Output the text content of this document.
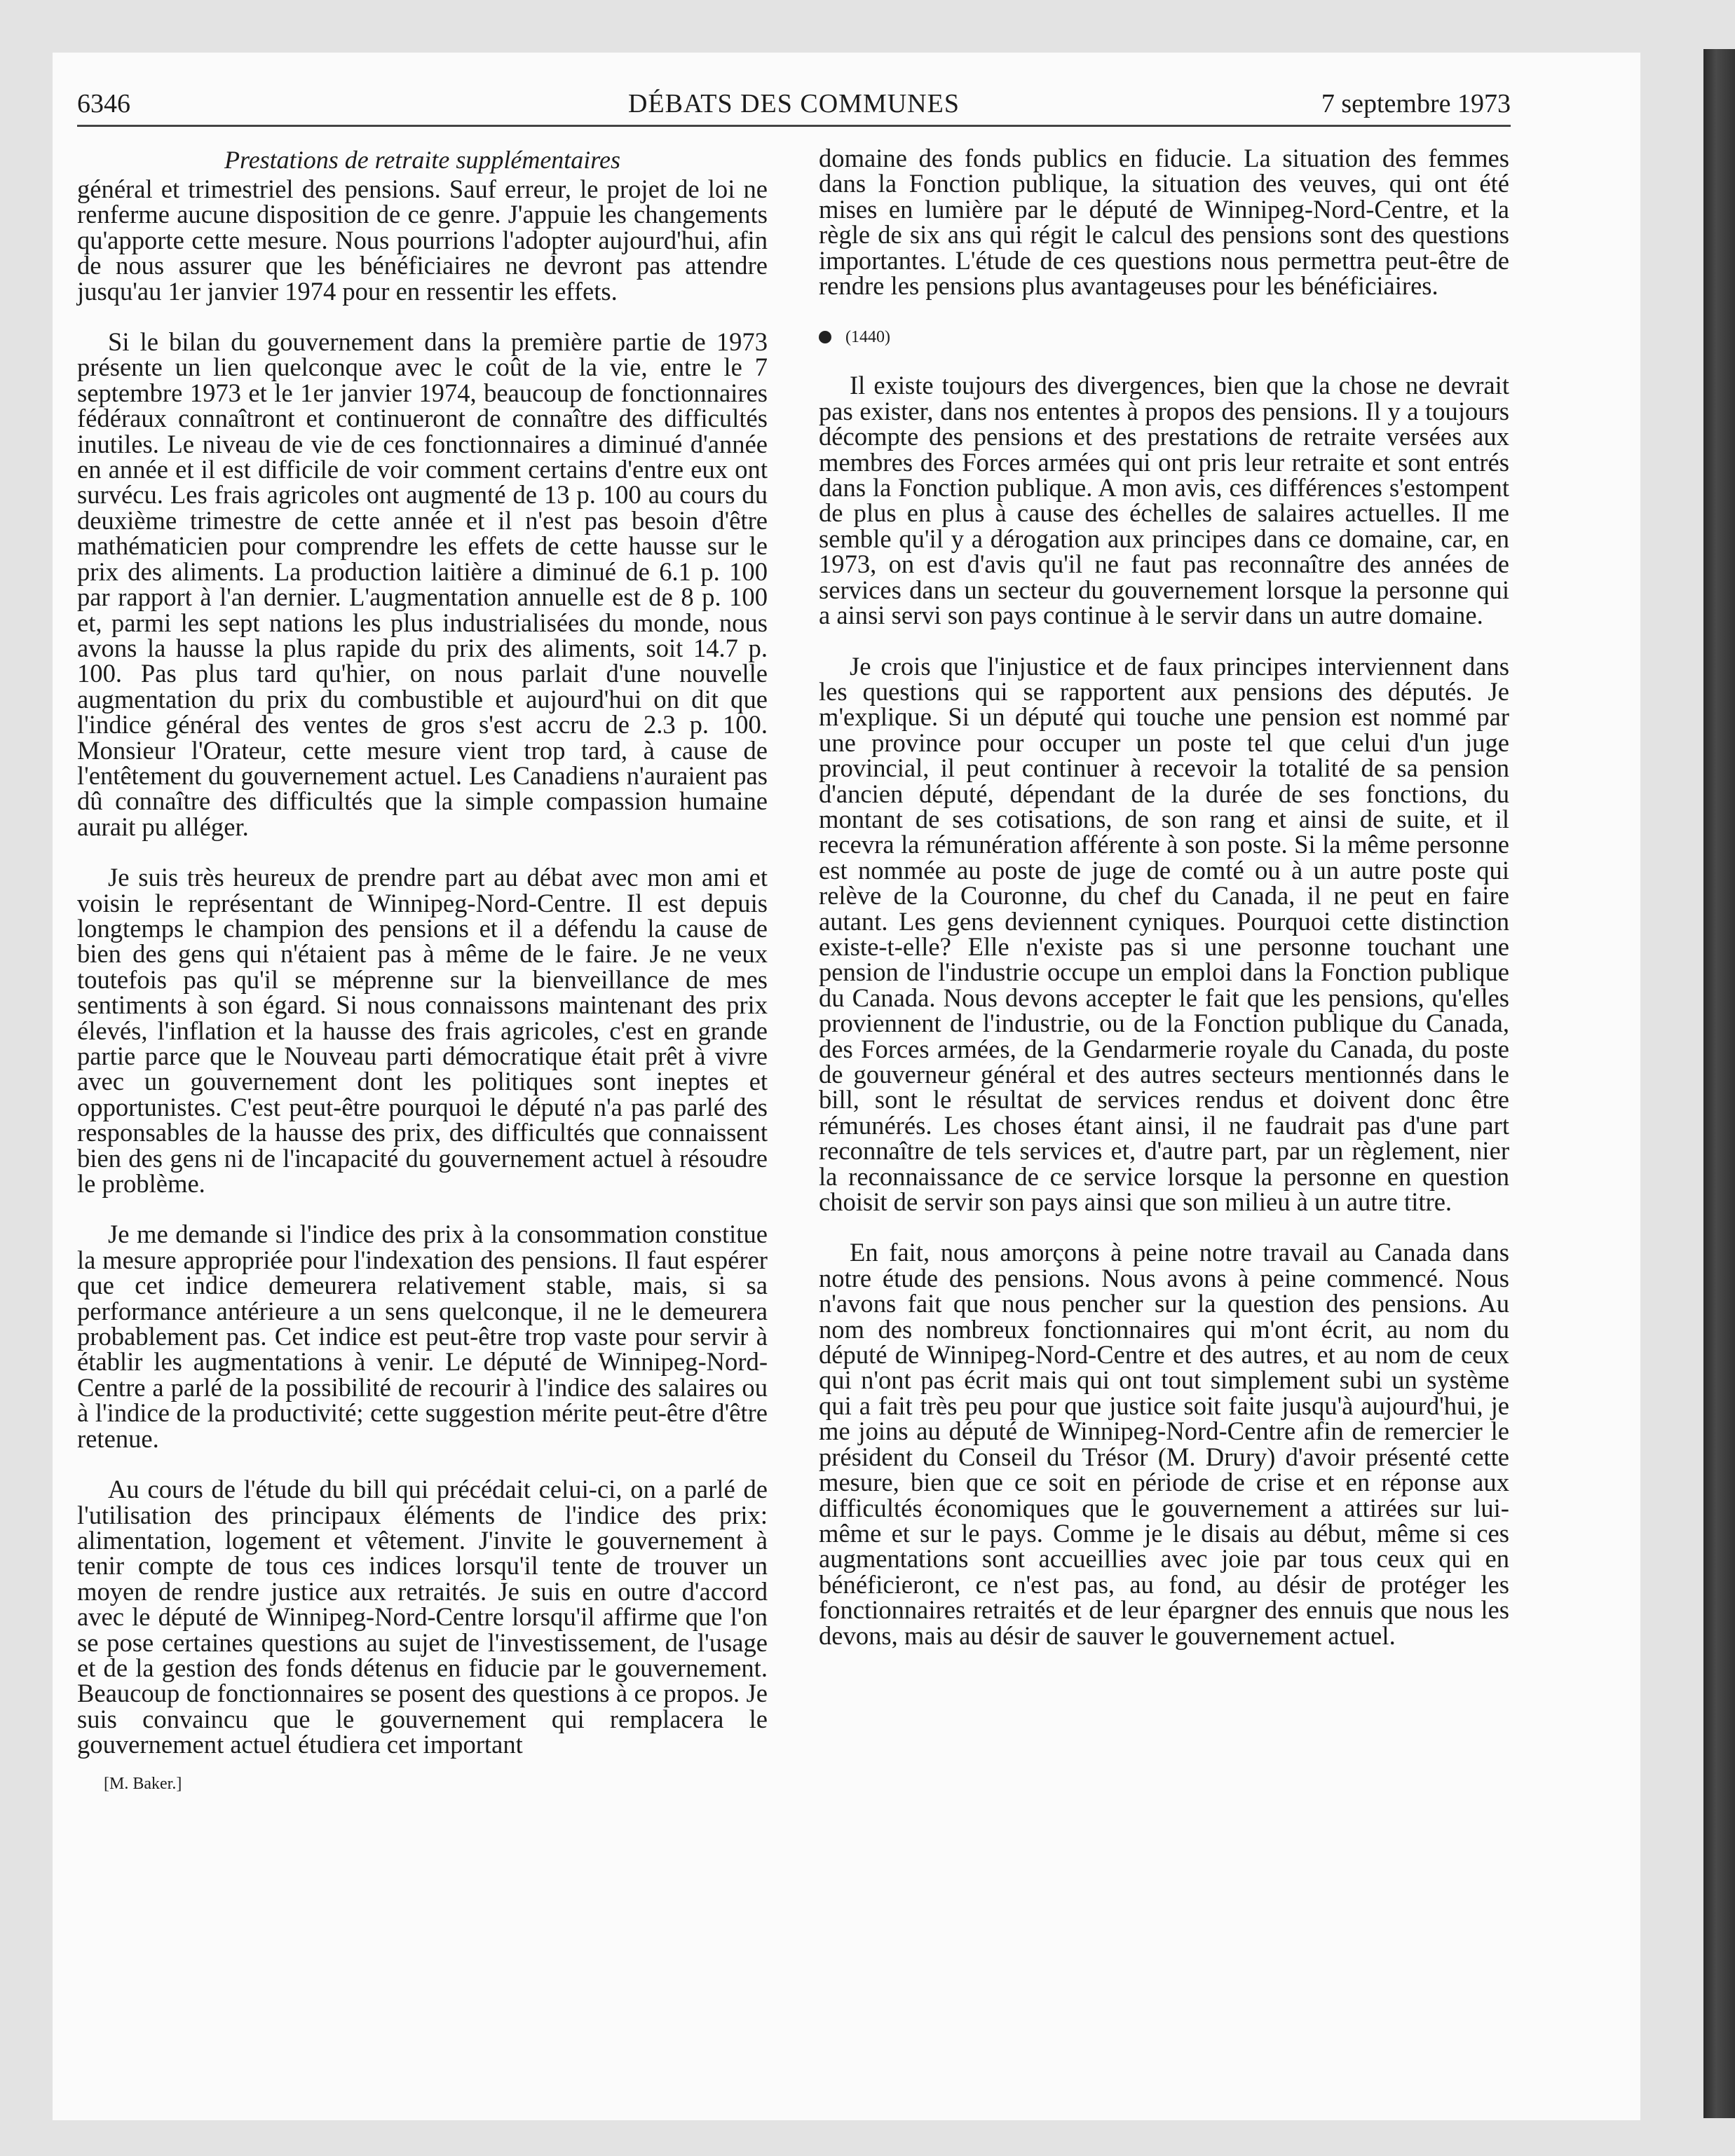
6346	DÉBATS DES COMMUNES	7 septembre 1973
Prestations de retraite supplémentaires

général et trimestriel des pensions. Sauf erreur, le projet de loi ne renferme aucune disposition de ce genre. J'appuie les changements qu'apporte cette mesure. Nous pourrions l'adopter aujourd'hui, afin de nous assurer que les bénéficiaires ne devront pas attendre jusqu'au 1er janvier 1974 pour en ressentir les effets.

Si le bilan du gouvernement dans la première partie de 1973 présente un lien quelconque avec le coût de la vie, entre le 7 septembre 1973 et le 1er janvier 1974, beaucoup de fonctionnaires fédéraux connaîtront et continueront de connaître des difficultés inutiles. Le niveau de vie de ces fonctionnaires a diminué d'année en année et il est difficile de voir comment certains d'entre eux ont survécu. Les frais agricoles ont augmenté de 13 p. 100 au cours du deuxième trimestre de cette année et il n'est pas besoin d'être mathématicien pour comprendre les effets de cette hausse sur le prix des aliments. La production laitière a diminué de 6.1 p. 100 par rapport à l'an dernier. L'augmentation annuelle est de 8 p. 100 et, parmi les sept nations les plus industrialisées du monde, nous avons la hausse la plus rapide du prix des aliments, soit 14.7 p. 100. Pas plus tard qu'hier, on nous parlait d'une nouvelle augmentation du prix du combustible et aujourd'hui on dit que l'indice général des ventes de gros s'est accru de 2.3 p. 100. Monsieur l'Orateur, cette mesure vient trop tard, à cause de l'entêtement du gouvernement actuel. Les Canadiens n'auraient pas dû connaître des difficultés que la simple compassion humaine aurait pu alléger.

Je suis très heureux de prendre part au débat avec mon ami et voisin le représentant de Winnipeg-Nord-Centre. Il est depuis longtemps le champion des pensions et il a défendu la cause de bien des gens qui n'étaient pas à même de le faire. Je ne veux toutefois pas qu'il se méprenne sur la bienveillance de mes sentiments à son égard. Si nous connaissons maintenant des prix élevés, l'inflation et la hausse des frais agricoles, c'est en grande partie parce que le Nouveau parti démocratique était prêt à vivre avec un gouvernement dont les politiques sont ineptes et opportunistes. C'est peut-être pourquoi le député n'a pas parlé des responsables de la hausse des prix, des difficultés que connaissent bien des gens ni de l'incapacité du gouvernement actuel à résoudre le problème.

Je me demande si l'indice des prix à la consommation constitue la mesure appropriée pour l'indexation des pensions. Il faut espérer que cet indice demeurera relativement stable, mais, si sa performance antérieure a un sens quelconque, il ne le demeurera probablement pas. Cet indice est peut-être trop vaste pour servir à établir les augmentations à venir. Le député de Winnipeg-Nord-Centre a parlé de la possibilité de recourir à l'indice des salaires ou à l'indice de la productivité; cette suggestion mérite peut-être d'être retenue.

Au cours de l'étude du bill qui précédait celui-ci, on a parlé de l'utilisation des principaux éléments de l'indice des prix: alimentation, logement et vêtement. J'invite le gouvernement à tenir compte de tous ces indices lorsqu'il tente de trouver un moyen de rendre justice aux retraités. Je suis en outre d'accord avec le député de Winnipeg-Nord-Centre lorsqu'il affirme que l'on se pose certaines questions au sujet de l'investissement, de l'usage et de la gestion des fonds détenus en fiducie par le gouvernement. Beaucoup de fonctionnaires se posent des questions à ce propos. Je suis convaincu que le gouvernement qui remplacera le gouvernement actuel étudiera cet important

[M. Baker.]

domaine des fonds publics en fiducie. La situation des femmes dans la Fonction publique, la situation des veuves, qui ont été mises en lumière par le député de Winnipeg-Nord-Centre, et la règle de six ans qui régit le calcul des pensions sont des questions importantes. L'étude de ces questions nous permettra peut-être de rendre les pensions plus avantageuses pour les bénéficiaires.

(1440)

Il existe toujours des divergences, bien que la chose ne devrait pas exister, dans nos ententes à propos des pensions. Il y a toujours décompte des pensions et des prestations de retraite versées aux membres des Forces armées qui ont pris leur retraite et sont entrés dans la Fonction publique. A mon avis, ces différences s'estompent de plus en plus à cause des échelles de salaires actuelles. Il me semble qu'il y a dérogation aux principes dans ce domaine, car, en 1973, on est d'avis qu'il ne faut pas reconnaître des années de services dans un secteur du gouvernement lorsque la personne qui a ainsi servi son pays continue à le servir dans un autre domaine.

Je crois que l'injustice et de faux principes interviennent dans les questions qui se rapportent aux pensions des députés. Je m'explique. Si un député qui touche une pension est nommé par une province pour occuper un poste tel que celui d'un juge provincial, il peut continuer à recevoir la totalité de sa pension d'ancien député, dépendant de la durée de ses fonctions, du montant de ses cotisations, de son rang et ainsi de suite, et il recevra la rémunération afférente à son poste. Si la même personne est nommée au poste de juge de comté ou à un autre poste qui relève de la Couronne, du chef du Canada, il ne peut en faire autant. Les gens deviennent cyniques. Pourquoi cette distinction existe-t-elle? Elle n'existe pas si une personne touchant une pension de l'industrie occupe un emploi dans la Fonction publique du Canada. Nous devons accepter le fait que les pensions, qu'elles proviennent de l'industrie, ou de la Fonction publique du Canada, des Forces armées, de la Gendarmerie royale du Canada, du poste de gouverneur général et des autres secteurs mentionnés dans le bill, sont le résultat de services rendus et doivent donc être rémunérés. Les choses étant ainsi, il ne faudrait pas d'une part reconnaître de tels services et, d'autre part, par un règlement, nier la reconnaissance de ce service lorsque la personne en question choisit de servir son pays ainsi que son milieu à un autre titre.

En fait, nous amorçons à peine notre travail au Canada dans notre étude des pensions. Nous avons à peine commencé. Nous n'avons fait que nous pencher sur la question des pensions. Au nom des nombreux fonctionnaires qui m'ont écrit, au nom du député de Winnipeg-Nord-Centre et des autres, et au nom de ceux qui n'ont pas écrit mais qui ont tout simplement subi un système qui a fait très peu pour que justice soit faite jusqu'à aujourd'hui, je me joins au député de Winnipeg-Nord-Centre afin de remercier le président du Conseil du Trésor (M. Drury) d'avoir présenté cette mesure, bien que ce soit en période de crise et en réponse aux difficultés économiques que le gouvernement a attirées sur lui-même et sur le pays. Comme je le disais au début, même si ces augmentations sont accueillies avec joie par tous ceux qui en bénéficieront, ce n'est pas, au fond, au désir de protéger les fonctionnaires retraités et de leur épargner des ennuis que nous les devons, mais au désir de sauver le gouvernement actuel.
